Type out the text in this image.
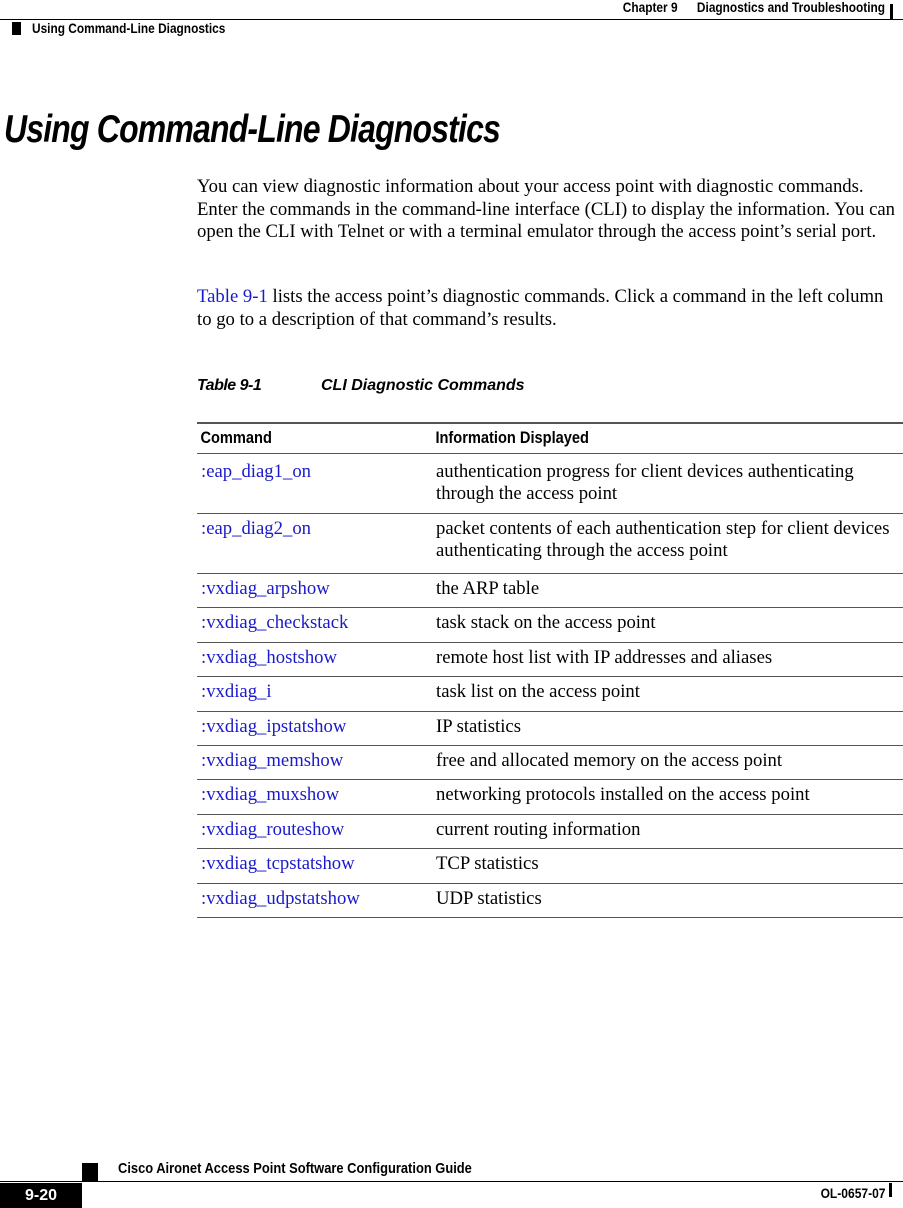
Chapter 9 Diagnostics and Troubleshooting
Using Command-Line Diagnostics
Using Command-Line Diagnostics

You can view diagnostic information about your access point with diagnostic commands. Enter the commands in the command-line interface (CLI) to display the information. You can open the CLI with Telnet or with a terminal emulator through the access point’s serial port.

Table 9-1 lists the access point’s diagnostic commands. Click a command in the left column to go to a description of that command’s results.

Table 9-1	CLI Diagnostic Commands
Command	Information Displayed
:eap_diag1_on	authentication progress for client devices authenticating through the access point
:eap_diag2_on	packet contents of each authentication step for client devices authenticating through the access point
:vxdiag_arpshow	the ARP table
:vxdiag_checkstack	task stack on the access point
:vxdiag_hostshow	remote host list with IP addresses and aliases
:vxdiag_i	task list on the access point
:vxdiag_ipstatshow	IP statistics
:vxdiag_memshow	free and allocated memory on the access point
:vxdiag_muxshow	networking protocols installed on the access point
:vxdiag_routeshow	current routing information
:vxdiag_tcpstatshow	TCP statistics
:vxdiag_udpstatshow	UDP statistics
9-20
Cisco Aironet Access Point Software Configuration Guide
OL-0657-07
